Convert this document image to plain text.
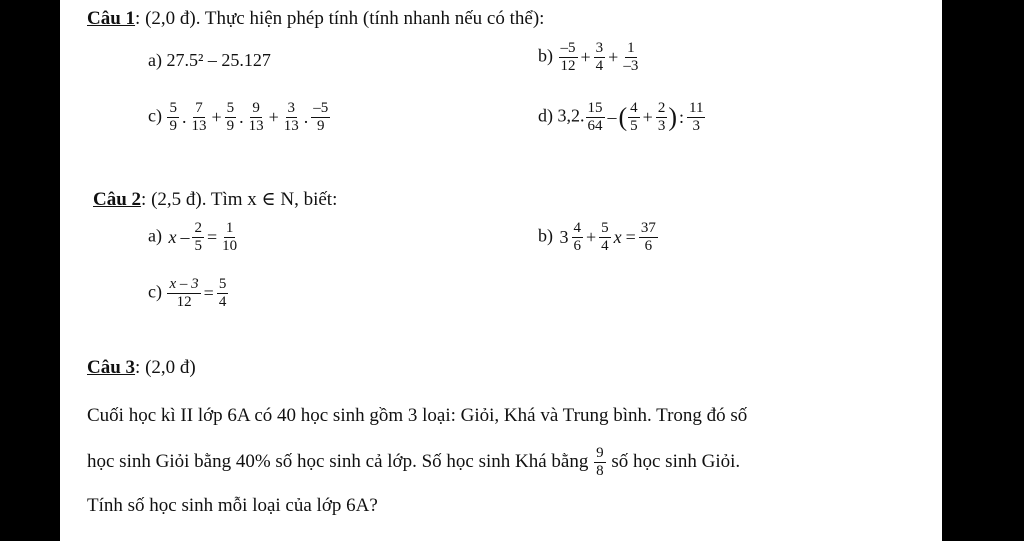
Câu 1: (2,0 đ). Thực hiện phép tính (tính nhanh nếu có thể):
a) 27.5² – 25.127	$b) \frac{-5}{12} + \frac{3}{4} + \frac{1}{-3}$
$c) \frac{5}{9}$ . $\frac{7}{13} + \frac{5}{9}$ . $\frac{9}{13} + \frac{3}{13}$ . $\frac{-5}{9}$	d) 3,2. $\frac{15}{64}$ –( $\frac{4}{5} + \frac{2}{3}$ ) : $\frac{11}{3}$
Câu 2: (2,5 đ). Tìm x ∈ N, biết:
a) $x - \frac{2}{5} = \frac{1}{10}$	b) $3 \frac{4}{6} + \frac{5}{4}$ $x = \frac{37}{6}$
$c) \frac{x - 3}{12} = \frac{5}{4}$
Câu 3: (2,0 đ)
Cuối học kì II lớp 6A có 40 học sinh gồm 3 loại: Giỏi, Khá và Trung bình. Trong đó số
học sinh Giỏi bằng 40% số học sinh cả lớp. Số học sinh Khá bằng $\frac{9}{8}$ số học sinh Giỏi.
Tính số học sinh mỗi loại của lớp 6A?
